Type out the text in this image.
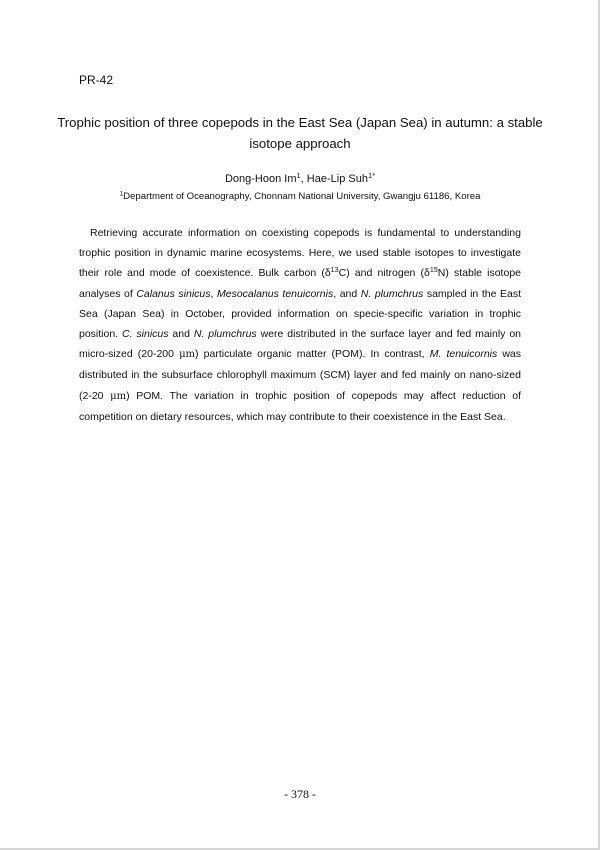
PR-42
Trophic position of three copepods in the East Sea (Japan Sea) in autumn: a stable isotope approach
Dong-Hoon Im$^1$, Hae-Lip Suh$^{1*}$
$^1$Department of Oceanography, Chonnam National University, Gwangju 61186, Korea

Retrieving accurate information on coexisting copepods is fundamental to understanding trophic position in dynamic marine ecosystems. Here, we used stable isotopes to investigate their role and mode of coexistence. Bulk carbon $(\delta^{13}C)$ and nitrogen $(\delta^{15}N)$ stable isotope analyses of Calanus sinicus, Mesocalanus tenuicornis, and N. plumchrus sampled in the East Sea (Japan Sea) in October, provided information on specie-specific variation in trophic position. C. sinicus and N. plumchrus were distributed in the surface layer and fed mainly on micro-sized (20-200 μm) particulate organic matter (POM). In contrast, M. tenuicornis was distributed in the subsurface chlorophyll maximum (SCM) layer and fed mainly on nano-sized (2-20 μm) POM. The variation in trophic position of copepods may affect reduction of competition on dietary resources, which may contribute to their coexistence in the East Sea.

- 378 -
